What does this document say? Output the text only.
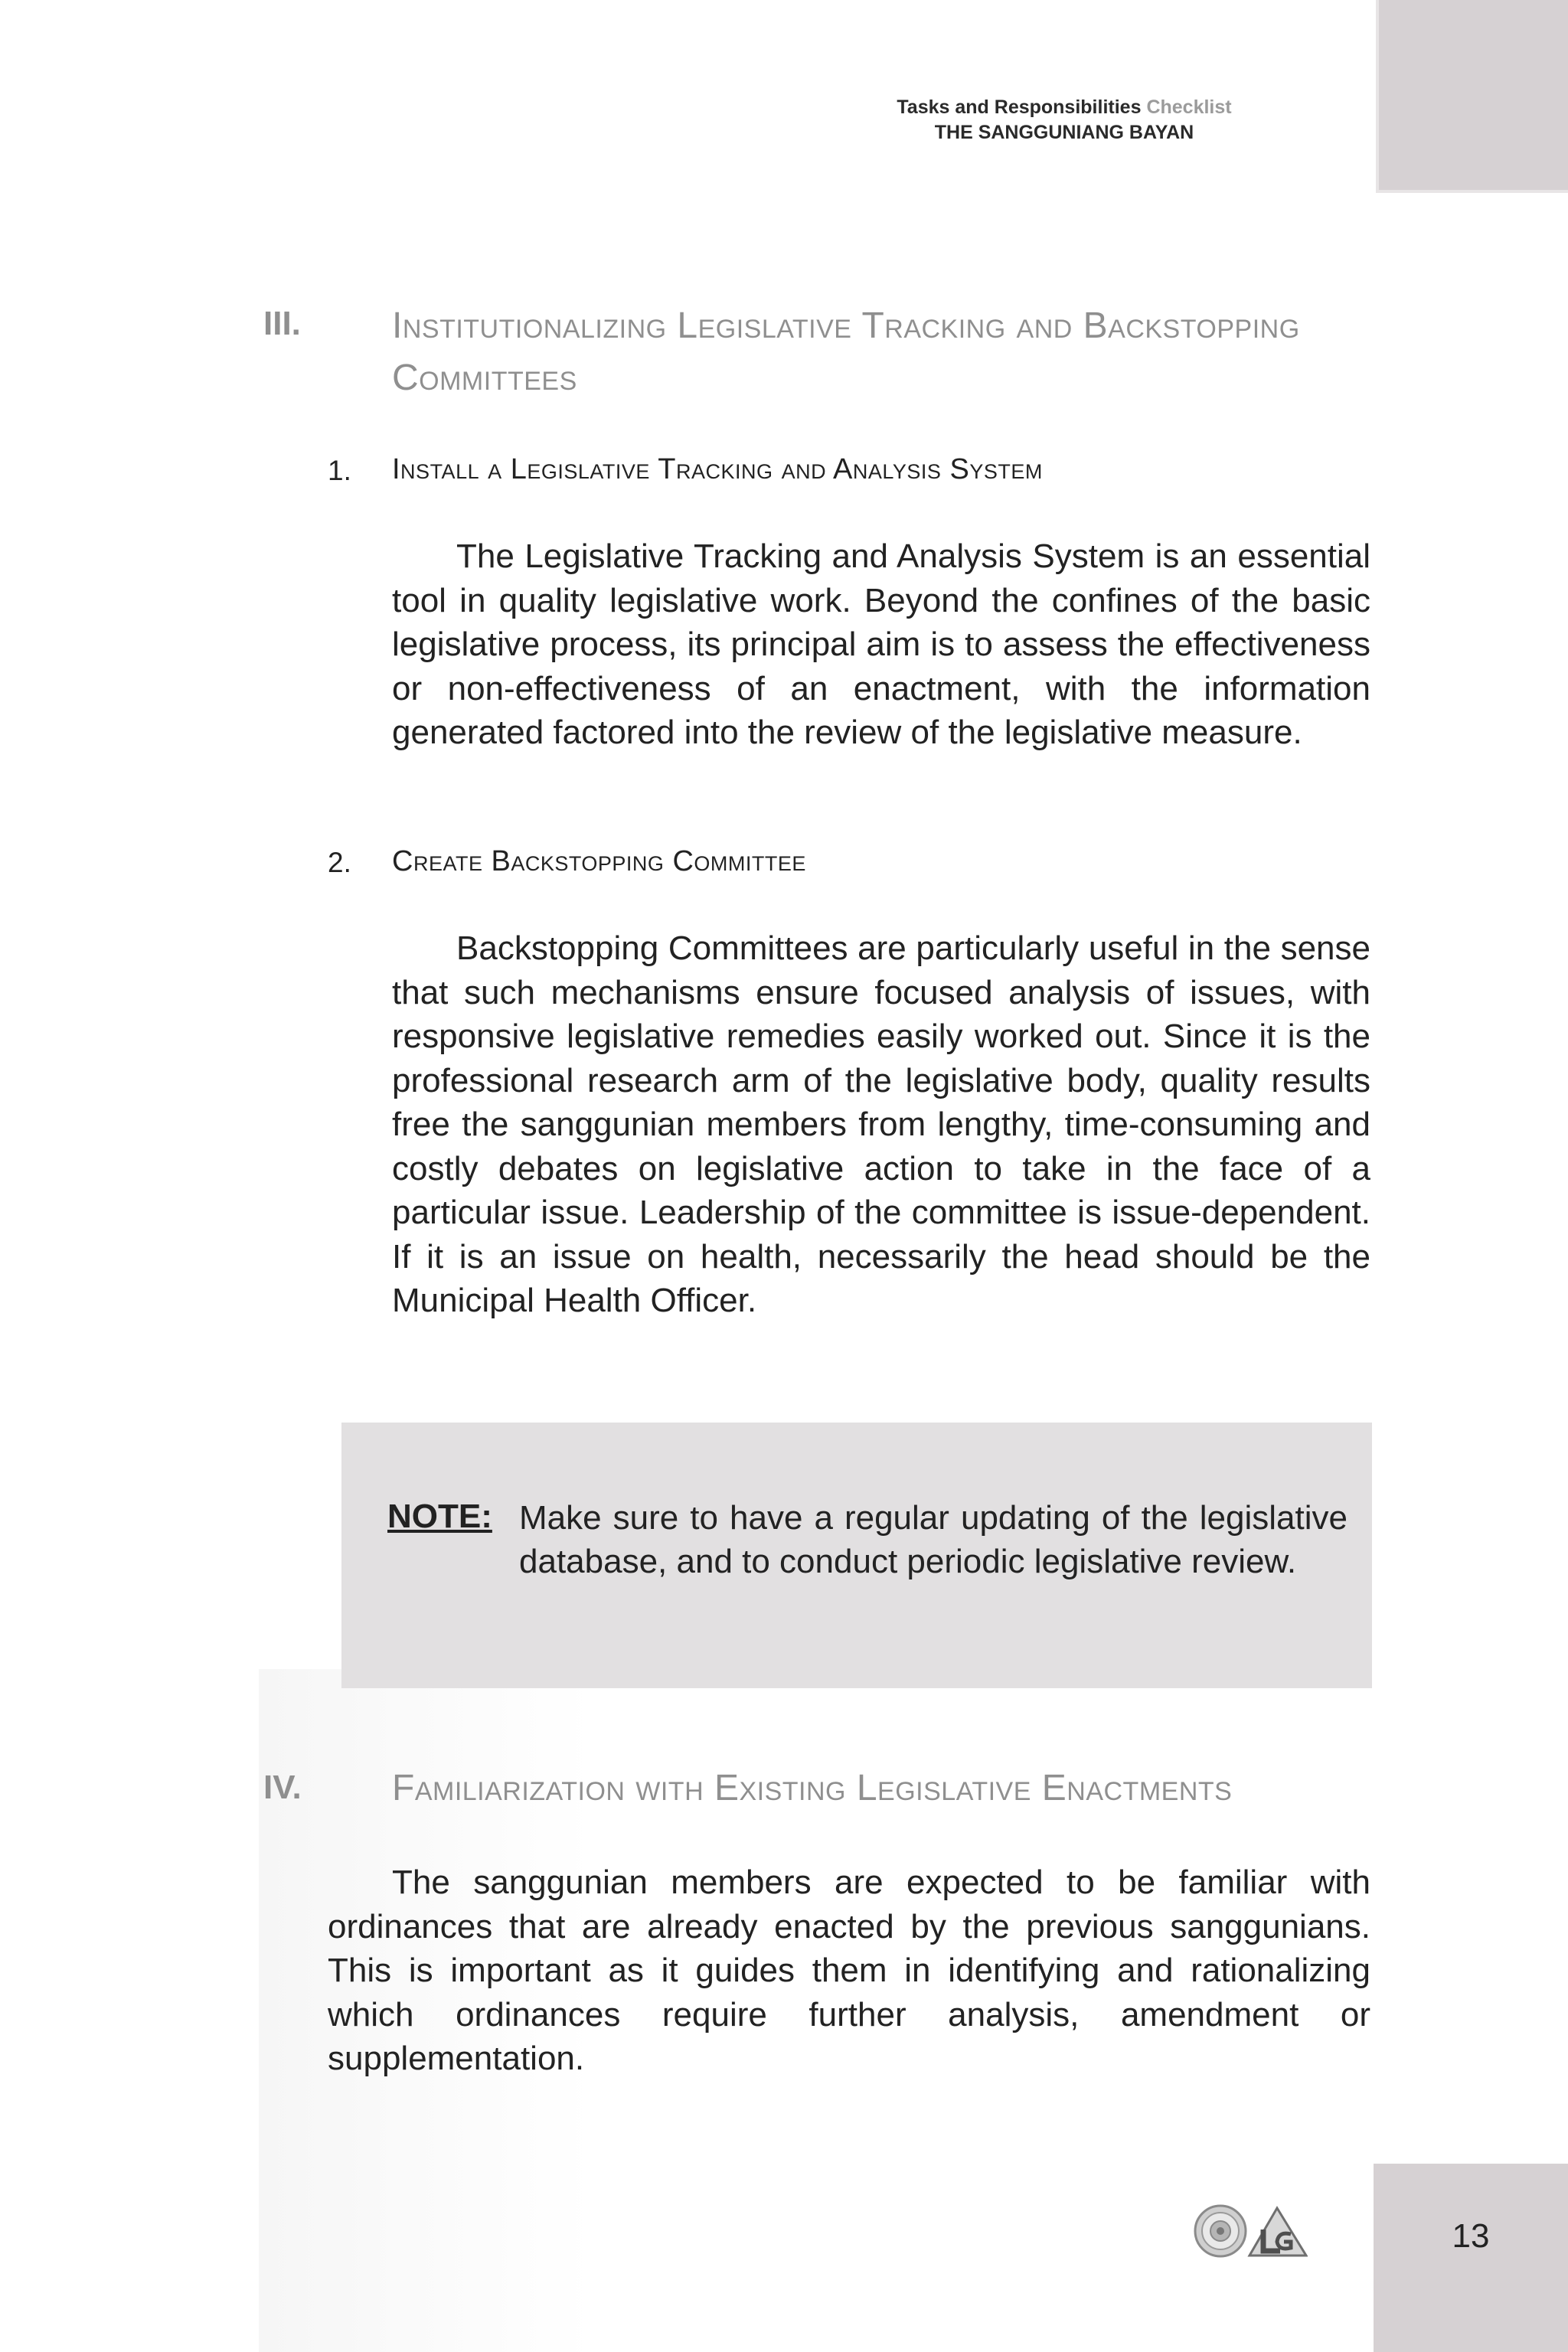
Tasks and Responsibilities Checklist
THE SANGGUNIANG BAYAN
III. Institutionalizing Legislative Tracking and Backstopping
Committees
1. Install a Legislative Tracking and Analysis System

The Legislative Tracking and Analysis System is an essential tool in quality legislative work. Beyond the confines of the basic legislative process, its principal aim is to assess the effectiveness or non-effectiveness of an enactment, with the information generated factored into the review of the legislative measure.

2. Create Backstopping Committee

Backstopping Committees are particularly useful in the sense that such mechanisms ensure focused analysis of issues, with responsive legislative remedies easily worked out. Since it is the professional research arm of the legislative body, quality results free the sanggunian members from lengthy, time-consuming and costly debates on legislative action to take in the face of a particular issue. Leadership of the committee is issue-dependent. If it is an issue on health, necessarily the head should be the Municipal Health Officer.

NOTE: Make sure to have a regular updating of the legislative database, and to conduct periodic legislative review.

IV. Familiarization with Existing Legislative Enactments

The sanggunian members are expected to be familiar with ordinances that are already enacted by the previous sanggunians. This is important as it guides them in identifying and rationalizing which ordinances require further analysis, amendment or supplementation.

13
